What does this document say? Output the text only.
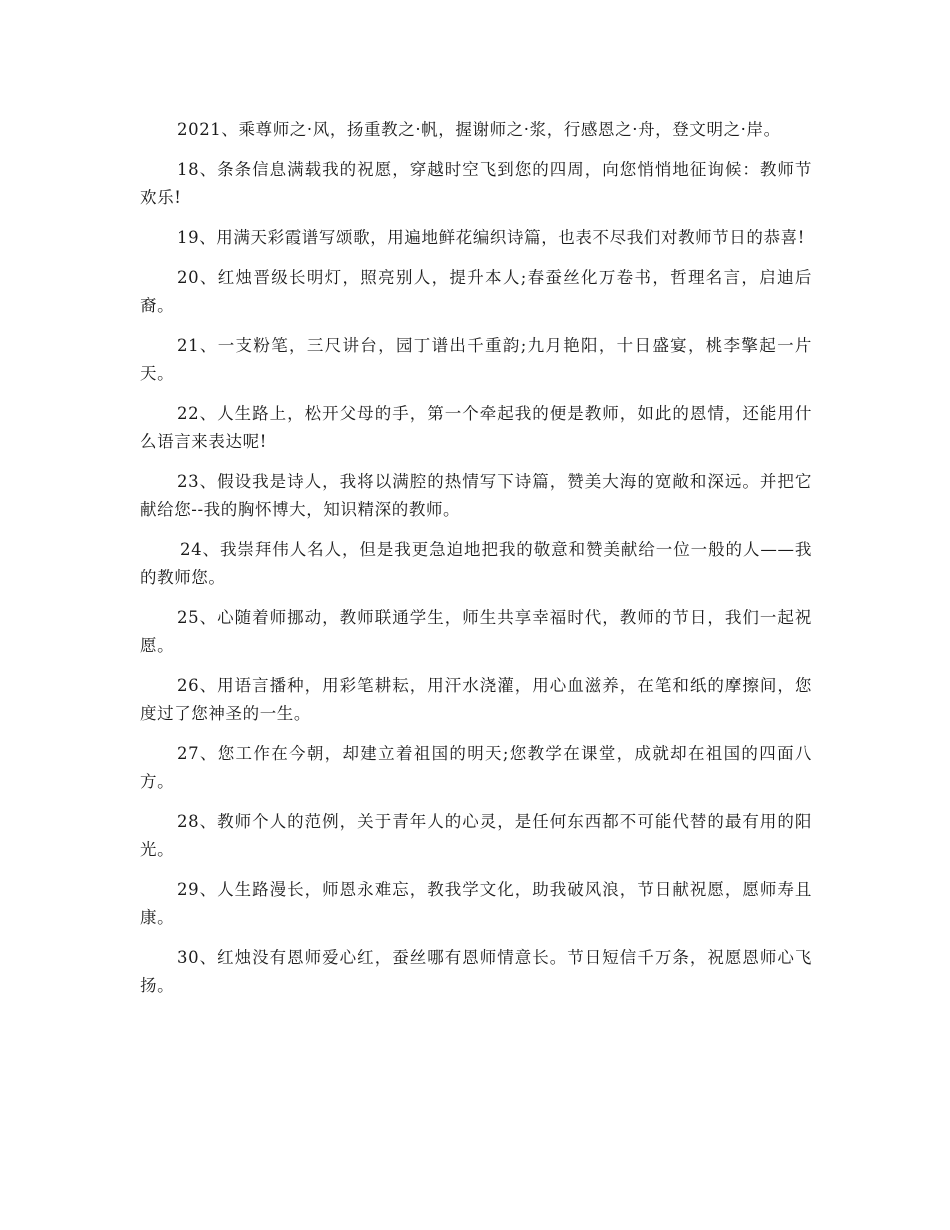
2021、乘尊师之·风，扬重教之·帆，握谢师之·浆，行感恩之·舟，登文明之·岸。

18、条条信息满载我的祝愿，穿越时空飞到您的四周，向您悄悄地征询候：教师节欢乐!

19、用满天彩霞谱写颂歌，用遍地鲜花编织诗篇，也表不尽我们对教师节日的恭喜!

20、红烛晋级长明灯，照亮别人，提升本人;春蚕丝化万卷书，哲理名言，启迪后裔。

21、一支粉笔，三尺讲台，园丁谱出千重韵;九月艳阳，十日盛宴，桃李擎起一片天。

22、人生路上，松开父母的手，第一个牵起我的便是教师，如此的恩情，还能用什么语言来表达呢!

23、假设我是诗人，我将以满腔的热情写下诗篇，赞美大海的宽敞和深远。并把它献给您--我的胸怀博大，知识精深的教师。

24、我崇拜伟人名人，但是我更急迫地把我的敬意和赞美献给一位一般的人——我的教师您。

25、心随着师挪动，教师联通学生，师生共享幸福时代，教师的节日，我们一起祝愿。

26、用语言播种，用彩笔耕耘，用汗水浇灌，用心血滋养，在笔和纸的摩擦间，您度过了您神圣的一生。

27、您工作在今朝，却建立着祖国的明天;您教学在课堂，成就却在祖国的四面八方。

28、教师个人的范例，关于青年人的心灵，是任何东西都不可能代替的最有用的阳光。

29、人生路漫长，师恩永难忘，教我学文化，助我破风浪，节日献祝愿，愿师寿且康。

30、红烛没有恩师爱心红，蚕丝哪有恩师情意长。节日短信千万条，祝愿恩师心飞扬。
